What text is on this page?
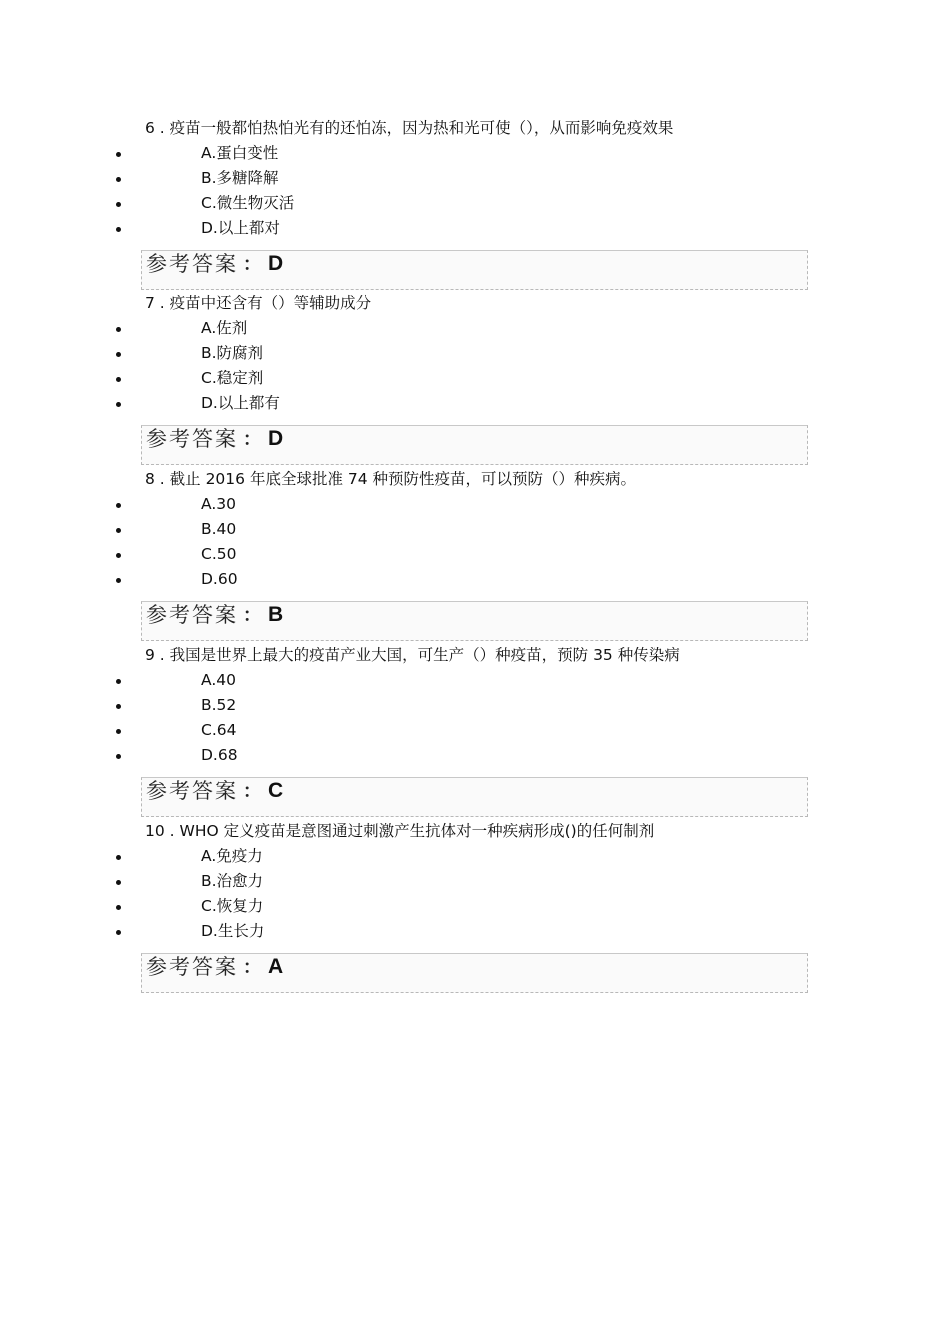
6 . 疫苗一般都怕热怕光有的还怕冻，因为热和光可使（），从而影响免疫效果
A.蛋白变性
B.多糖降解
C.微生物灭活
D.以上都对
参考答案 ： D
7 . 疫苗中还含有（）等辅助成分
A.佐剂
B.防腐剂
C.稳定剂
D.以上都有
参考答案 ： D
8 . 截止 2016 年底全球批准 74 种预防性疫苗，可以预防（）种疾病。
A.30
B.40
C.50
D.60
参考答案 ： B
9 . 我国是世界上最大的疫苗产业大国，可生产（）种疫苗，预防 35 种传染病
A.40
B.52
C.64
D.68
参考答案 ： C
10 . WHO 定义疫苗是意图通过刺激产生抗体对一种疾病形成()的任何制剂
A.免疫力
B.治愈力
C.恢复力
D.生长力
参考答案 ： A
